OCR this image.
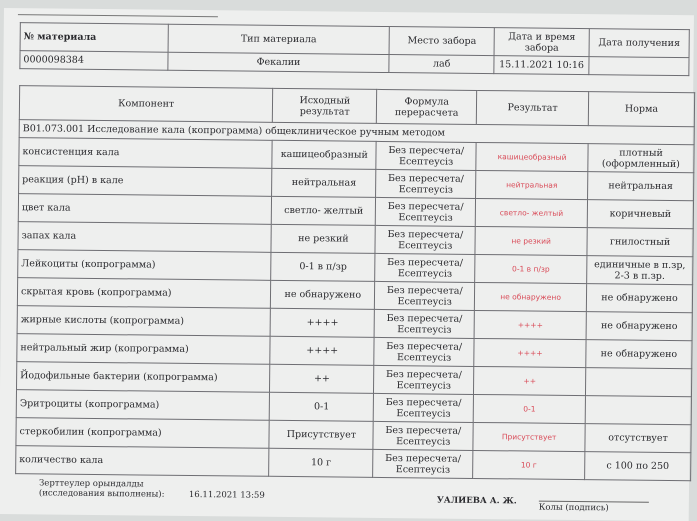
№ материала	Тип материала	Место забора	Дата и время забора	Дата получения
0000098384	Фекалии	лаб	15.11.2021 10:16	
Компонент	Исходный результат	Формула перерасчета	Результат	Норма
B01.073.001 Исследование кала (копрограмма) общеклиническое ручным методом				
консистенция кала	кашицеобразный	Без пересчета/ Есептеусіз	кашицеобразный	плотный (оформленный)
реакция (pH) в кале	нейтральная	Без пересчета/ Есептеусіз	нейтральная	нейтральная
цвет кала	светло- желтый	Без пересчета/ Есептеусіз	светло- желтый	коричневый
запах кала	не резкий	Без пересчета/ Есептеусіз	не резкий	гнилостный
Лейкоциты (копрограмма)	0-1 в п/зр	Без пересчета/ Есептеусіз	0-1 в п/зр	единичные в п.зр, 2-3 в п.зр.
скрытая кровь (копрограмма)	не обнаружено	Без пересчета/ Есептеусіз	не обнаружено	не обнаружено
жирные кислоты (копрограмма)	++++	Без пересчета/ Есептеусіз	++++	не обнаружено
нейтральный жир (копрограмма)	++++	Без пересчета/ Есептеусіз	++++	не обнаружено
Йодофильные бактерии (копрограмма)	++	Без пересчета/ Есептеусіз	++	
Эритроциты (копрограмма)	0-1	Без пересчета/ Есептеусіз	0-1	
стеркобилин (копрограмма)	Присутствует	Без пересчета/ Есептеусіз	Присутствует	отсутствует
количество кала	10 г	Без пересчета/ Есептеусіз	10 г	с 100 по 250
Зерттеулер орындалды (исследования выполнены):	16.11.2021 13:59
УАЛИЕВА А. Ж.
Колы (подпись)
